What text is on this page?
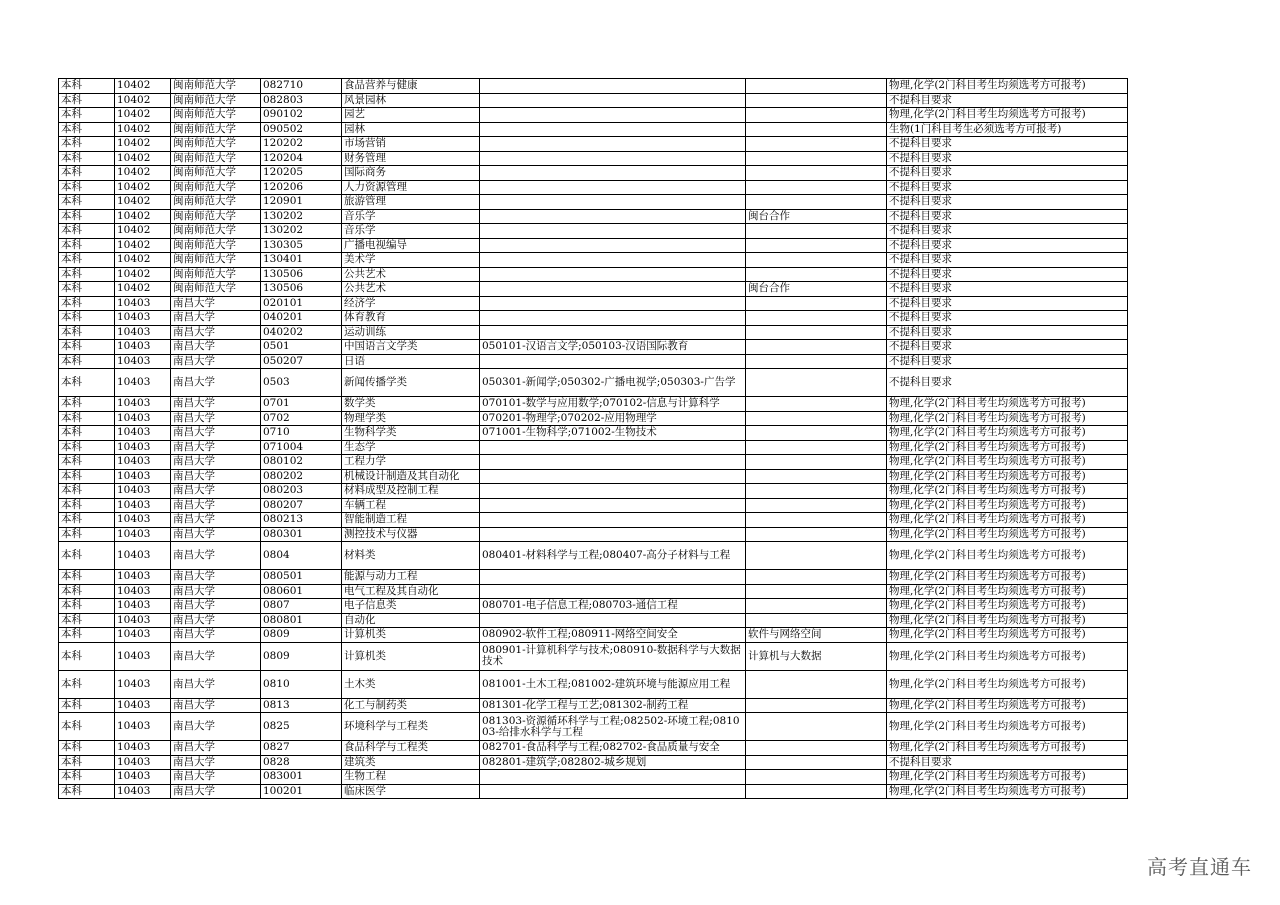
本科	10402	闽南师范大学	082710	食品营养与健康			物理,化学(2门科目考生均须选考方可报考)
本科	10402	闽南师范大学	082803	风景园林			不提科目要求
本科	10402	闽南师范大学	090102	园艺			物理,化学(2门科目考生均须选考方可报考)
本科	10402	闽南师范大学	090502	园林			生物(1门科目考生必须选考方可报考)
本科	10402	闽南师范大学	120202	市场营销			不提科目要求
本科	10402	闽南师范大学	120204	财务管理			不提科目要求
本科	10402	闽南师范大学	120205	国际商务			不提科目要求
本科	10402	闽南师范大学	120206	人力资源管理			不提科目要求
本科	10402	闽南师范大学	120901	旅游管理			不提科目要求
本科	10402	闽南师范大学	130202	音乐学		闽台合作	不提科目要求
本科	10402	闽南师范大学	130202	音乐学			不提科目要求
本科	10402	闽南师范大学	130305	广播电视编导			不提科目要求
本科	10402	闽南师范大学	130401	美术学			不提科目要求
本科	10402	闽南师范大学	130506	公共艺术			不提科目要求
本科	10402	闽南师范大学	130506	公共艺术		闽台合作	不提科目要求
本科	10403	南昌大学	020101	经济学			不提科目要求
本科	10403	南昌大学	040201	体育教育			不提科目要求
本科	10403	南昌大学	040202	运动训练			不提科目要求
本科	10403	南昌大学	0501	中国语言文学类	050101-汉语言文学;050103-汉语国际教育		不提科目要求
本科	10403	南昌大学	050207	日语			不提科目要求
本科	10403	南昌大学	0503	新闻传播学类	050301-新闻学;050302-广播电视学;050303-广告学		不提科目要求
本科	10403	南昌大学	0701	数学类	070101-数学与应用数学;070102-信息与计算科学		物理,化学(2门科目考生均须选考方可报考)
本科	10403	南昌大学	0702	物理学类	070201-物理学;070202-应用物理学		物理,化学(2门科目考生均须选考方可报考)
本科	10403	南昌大学	0710	生物科学类	071001-生物科学;071002-生物技术		物理,化学(2门科目考生均须选考方可报考)
本科	10403	南昌大学	071004	生态学			物理,化学(2门科目考生均须选考方可报考)
本科	10403	南昌大学	080102	工程力学			物理,化学(2门科目考生均须选考方可报考)
本科	10403	南昌大学	080202	机械设计制造及其自动化			物理,化学(2门科目考生均须选考方可报考)
本科	10403	南昌大学	080203	材料成型及控制工程			物理,化学(2门科目考生均须选考方可报考)
本科	10403	南昌大学	080207	车辆工程			物理,化学(2门科目考生均须选考方可报考)
本科	10403	南昌大学	080213	智能制造工程			物理,化学(2门科目考生均须选考方可报考)
本科	10403	南昌大学	080301	测控技术与仪器			物理,化学(2门科目考生均须选考方可报考)
本科	10403	南昌大学	0804	材料类	080401-材料科学与工程;080407-高分子材料与工程		物理,化学(2门科目考生均须选考方可报考)
本科	10403	南昌大学	080501	能源与动力工程			物理,化学(2门科目考生均须选考方可报考)
本科	10403	南昌大学	080601	电气工程及其自动化			物理,化学(2门科目考生均须选考方可报考)
本科	10403	南昌大学	0807	电子信息类	080701-电子信息工程;080703-通信工程		物理,化学(2门科目考生均须选考方可报考)
本科	10403	南昌大学	080801	自动化			物理,化学(2门科目考生均须选考方可报考)
本科	10403	南昌大学	0809	计算机类	080902-软件工程;080911-网络空间安全	软件与网络空间	物理,化学(2门科目考生均须选考方可报考)
本科	10403	南昌大学	0809	计算机类	080901-计算机科学与技术;080910-数据科学与大数据技术	计算机与大数据	物理,化学(2门科目考生均须选考方可报考)
本科	10403	南昌大学	0810	土木类	081001-土木工程;081002-建筑环境与能源应用工程		物理,化学(2门科目考生均须选考方可报考)
本科	10403	南昌大学	0813	化工与制药类	081301-化学工程与工艺;081302-制药工程		物理,化学(2门科目考生均须选考方可报考)
本科	10403	南昌大学	0825	环境科学与工程类	081303-资源循环科学与工程;082502-环境工程;081003-给排水科学与工程		物理,化学(2门科目考生均须选考方可报考)
本科	10403	南昌大学	0827	食品科学与工程类	082701-食品科学与工程;082702-食品质量与安全		物理,化学(2门科目考生均须选考方可报考)
本科	10403	南昌大学	0828	建筑类	082801-建筑学;082802-城乡规划		不提科目要求
本科	10403	南昌大学	083001	生物工程			物理,化学(2门科目考生均须选考方可报考)
本科	10403	南昌大学	100201	临床医学			物理,化学(2门科目考生均须选考方可报考)
高考直通车
